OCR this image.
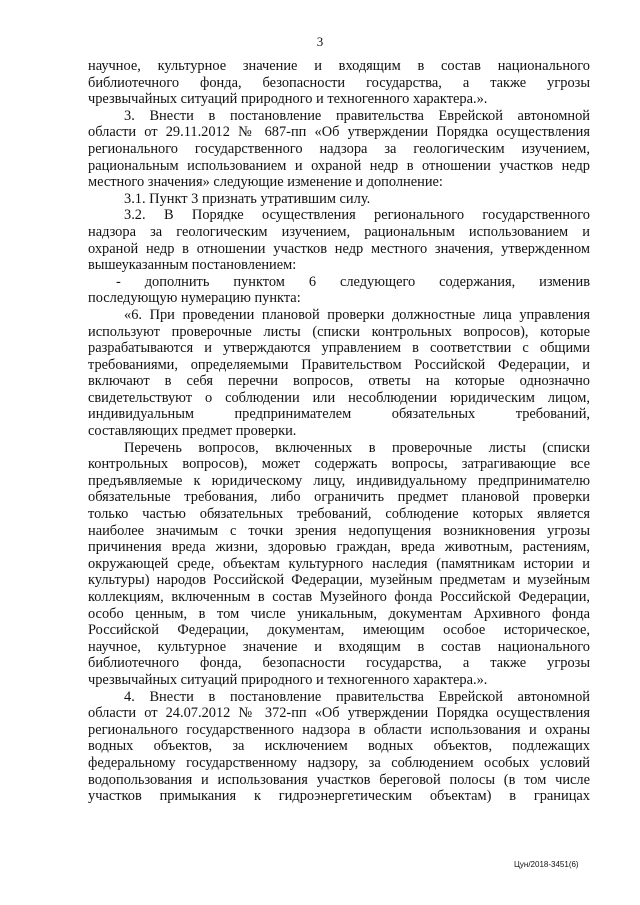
3
научное, культурное значение и входящим в состав национального
библиотечного фонда, безопасности государства, а также угрозы
чрезвычайных ситуаций природного и техногенного характера.».
3. Внести в постановление правительства Еврейской автономной
области от 29.11.2012 № 687-пп «Об утверждении Порядка осуществления
регионального государственного надзора за геологическим изучением,
рациональным использованием и охраной недр в отношении участков недр
местного значения» следующие изменение и дополнение:
3.1. Пункт 3 признать утратившим силу.
3.2. В Порядке осуществления регионального государственного
надзора за геологическим изучением, рациональным использованием и
охраной недр в отношении участков недр местного значения, утвержденном
вышеуказанным постановлением:
- дополнить пунктом 6 следующего содержания, изменив
последующую нумерацию пункта:
«6. При проведении плановой проверки должностные лица управления
используют проверочные листы (списки контрольных вопросов), которые
разрабатываются и утверждаются управлением в соответствии с общими
требованиями, определяемыми Правительством Российской Федерации, и
включают в себя перечни вопросов, ответы на которые однозначно
свидетельствуют о соблюдении или несоблюдении юридическим лицом,
индивидуальным предпринимателем обязательных требований,
составляющих предмет проверки.
Перечень вопросов, включенных в проверочные листы (списки
контрольных вопросов), может содержать вопросы, затрагивающие все
предъявляемые к юридическому лицу, индивидуальному предпринимателю
обязательные требования, либо ограничить предмет плановой проверки
только частью обязательных требований, соблюдение которых является
наиболее значимым с точки зрения недопущения возникновения угрозы
причинения вреда жизни, здоровью граждан, вреда животным, растениям,
окружающей среде, объектам культурного наследия (памятникам истории и
культуры) народов Российской Федерации, музейным предметам и музейным
коллекциям, включенным в состав Музейного фонда Российской Федерации,
особо ценным, в том числе уникальным, документам Архивного фонда
Российской Федерации, документам, имеющим особое историческое,
научное, культурное значение и входящим в состав национального
библиотечного фонда, безопасности государства, а также угрозы
чрезвычайных ситуаций природного и техногенного характера.».
4. Внести в постановление правительства Еврейской автономной
области от 24.07.2012 № 372-пп «Об утверждении Порядка осуществления
регионального государственного надзора в области использования и охраны
водных объектов, за исключением водных объектов, подлежащих
федеральному государственному надзору, за соблюдением особых условий
водопользования и использования участков береговой полосы (в том числе
участков примыкания к гидроэнергетическим объектам) в границах
Цун/2018-3451(6)
